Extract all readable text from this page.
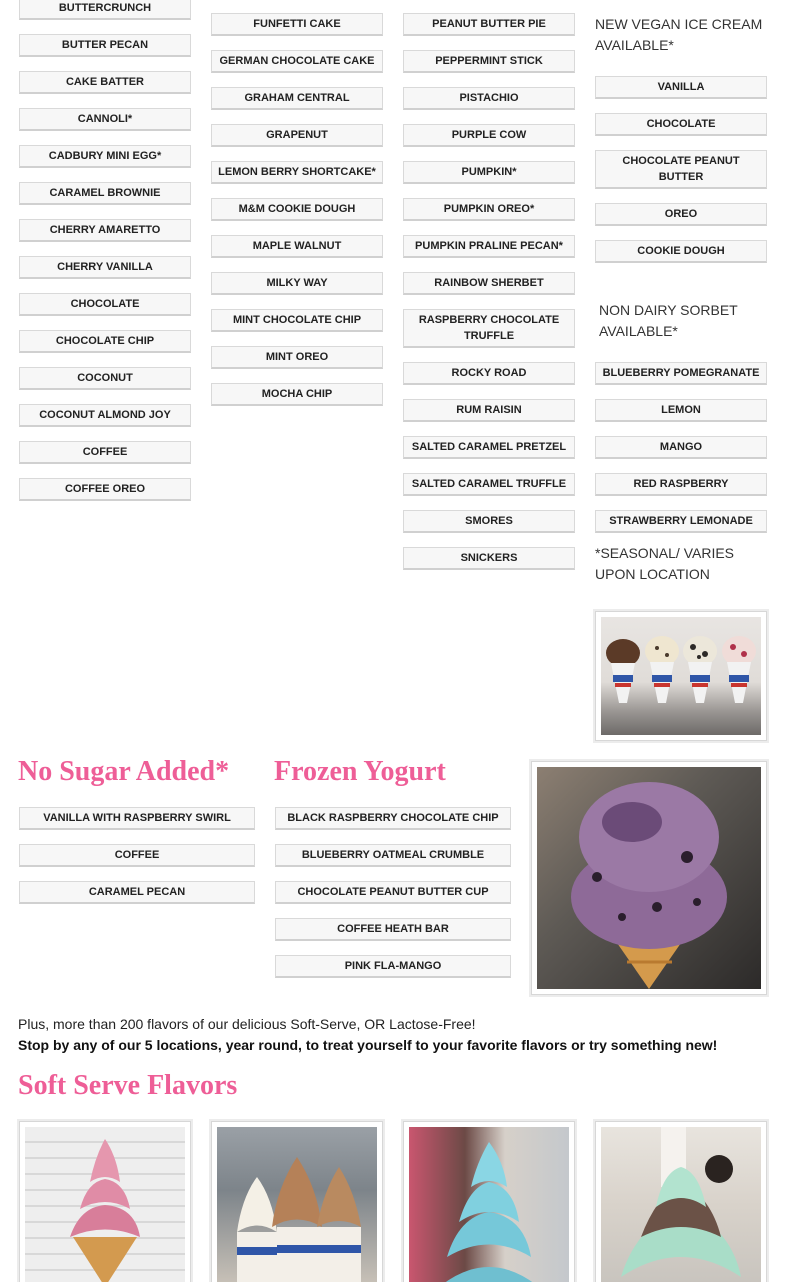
BUTTERCRUNCH
BUTTER PECAN
CAKE BATTER
CANNOLI*
CADBURY MINI EGG*
CARAMEL BROWNIE
CHERRY AMARETTO
CHERRY VANILLA
CHOCOLATE
CHOCOLATE CHIP
COCONUT
COCONUT ALMOND JOY
COFFEE
COFFEE OREO
FUNFETTI CAKE
GERMAN CHOCOLATE CAKE
GRAHAM CENTRAL
GRAPENUT
LEMON BERRY SHORTCAKE*
M&M COOKIE DOUGH
MAPLE WALNUT
MILKY WAY
MINT CHOCOLATE CHIP
MINT OREO
MOCHA CHIP
PEANUT BUTTER PIE
PEPPERMINT STICK
PISTACHIO
PURPLE COW
PUMPKIN*
PUMPKIN OREO*
PUMPKIN PRALINE PECAN*
RAINBOW SHERBET
RASPBERRY CHOCOLATE TRUFFLE
ROCKY ROAD
RUM RAISIN
SALTED CARAMEL PRETZEL
SALTED CARAMEL TRUFFLE
SMORES
SNICKERS
NEW VEGAN ICE CREAM AVAILABLE*
VANILLA
CHOCOLATE
CHOCOLATE PEANUT BUTTER
OREO
COOKIE DOUGH
NON DAIRY SORBET AVAILABLE*
BLUEBERRY POMEGRANATE
LEMON
MANGO
RED RASPBERRY
STRAWBERRY LEMONADE
*SEASONAL/ VARIES UPON LOCATION
No Sugar Added*
VANILLA WITH RASPBERRY SWIRL
COFFEE
CARAMEL PECAN
Frozen Yogurt
BLACK RASPBERRY CHOCOLATE CHIP
BLUEBERRY OATMEAL CRUMBLE
CHOCOLATE PEANUT BUTTER CUP
COFFEE HEATH BAR
PINK FLA-MANGO
Plus, more than 200 flavors of our delicious Soft-Serve, OR Lactose-Free!
Stop by any of our 5 locations, year round, to treat yourself to your favorite flavors or try something new!
Soft Serve Flavors
